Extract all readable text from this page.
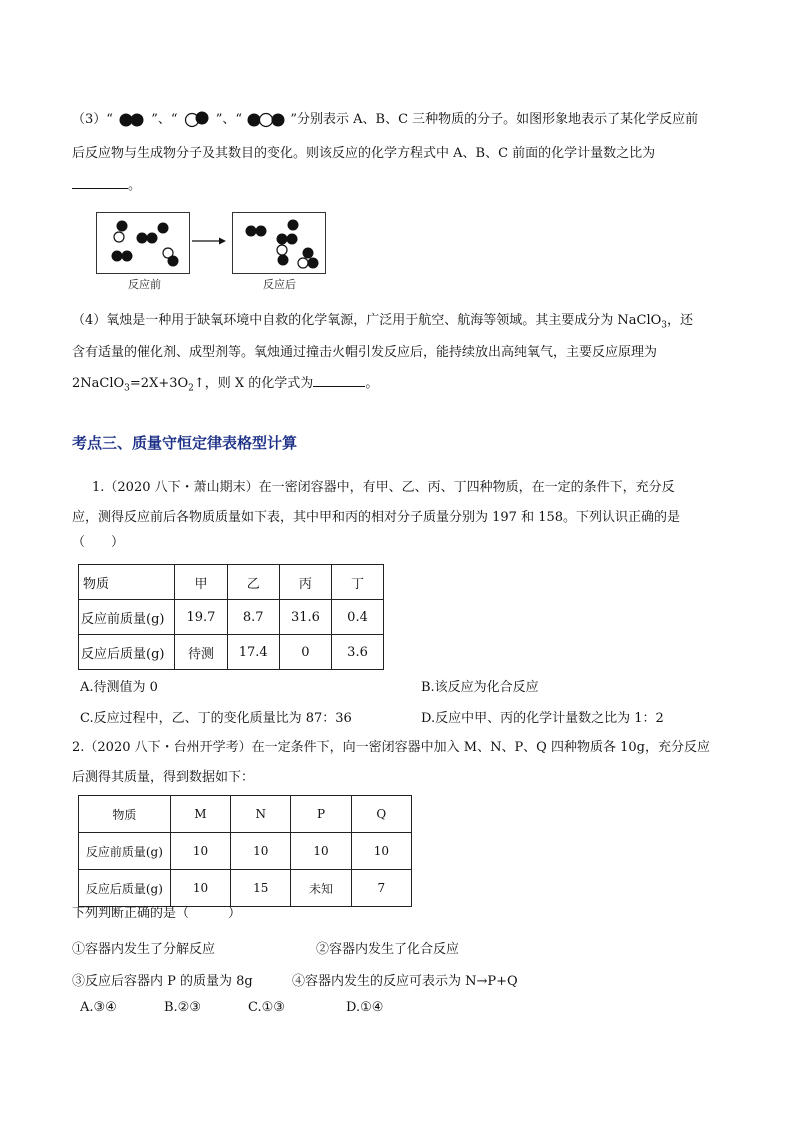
（3）“	”、“	”、“	”分别表示 A、B、C 三种物质的分子。如图形象地表示了某化学反应前
后反应物与生成物分子及其数目的变化。则该反应的化学方程式中 A、B、C 前面的化学计量数之比为
。
反应前	反应后
（4）氧烛是一种用于缺氧环境中自救的化学氧源，广泛用于航空、航海等领域。其主要成分为 NaClO$_3$，还
含有适量的催化剂、成型剂等。氧烛通过撞击火帽引发反应后，能持续放出高纯氧气，主要反应原理为
$2NaClO_3=2X+3O_2↑$，则 X 的化学式为	。
考点三、质量守恒定律表格型计算
1.（2020 八下・萧山期末）在一密闭容器中，有甲、乙、丙、丁四种物质，在一定的条件下，充分反
应，测得反应前后各物质质量如下表，其中甲和丙的相对分子质量分别为 197 和 158。下列认识正确的是
（　　）
物质	甲	乙	丙	丁
反应前质量(g)	19.7	8.7	31.6	0.4
反应后质量(g)	待测	17.4	0	3.6
A.待测值为 0	B.该反应为化合反应
C.反应过程中，乙、丁的变化质量比为 87：36	D.反应中甲、丙的化学计量数之比为 1：2
2.（2020 八下・台州开学考）在一定条件下，向一密闭容器中加入 M、N、P、Q 四种物质各 10g，充分反应
后测得其质量，得到数据如下：
物质	M	N	P	Q
反应前质量(g)	10	10	10	10
反应后质量(g)	10	15	未知	7
下列判断正确的是（　　　）
①容器内发生了分解反应	②容器内发生了化合反应
③反应后容器内 P 的质量为 8g	④容器内发生的反应可表示为 N→P+Q
A.③④	B.②③	C.①③	D.①④
